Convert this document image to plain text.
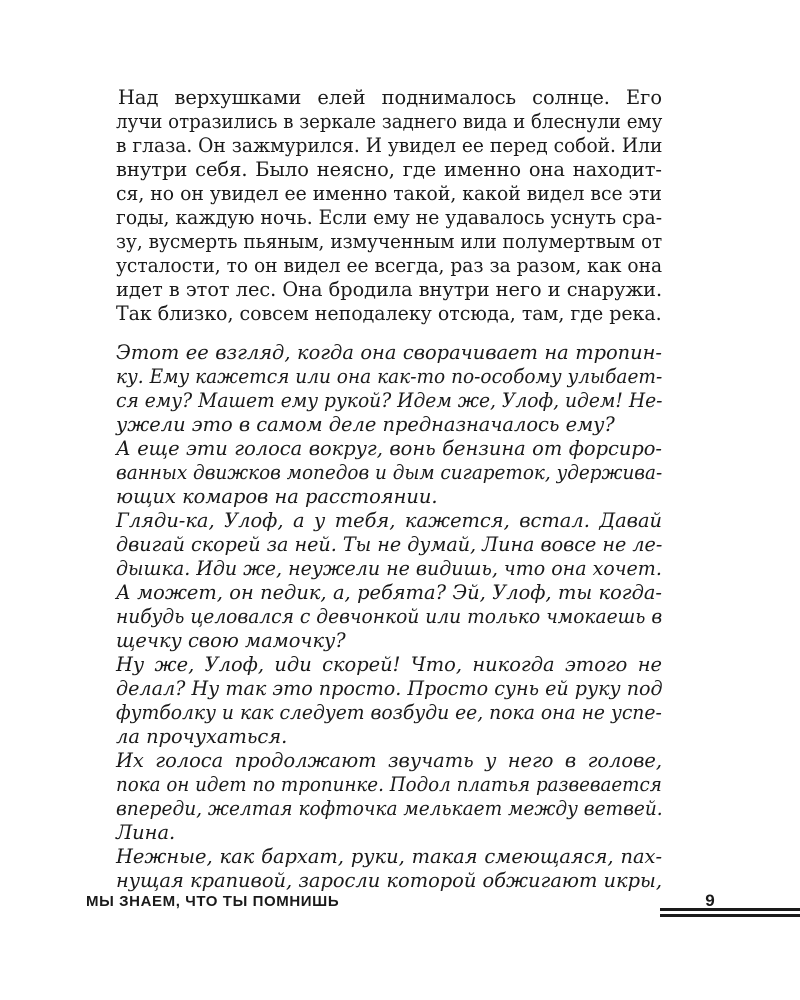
Над верхушками елей поднималось солнце. Его
лучи отразились в зеркале заднего вида и блеснули ему
в глаза. Он зажмурился. И увидел ее перед собой. Или
внутри себя. Было неясно, где именно она находит-
ся, но он увидел ее именно такой, какой видел все эти
годы, каждую ночь. Если ему не удавалось уснуть сра-
зу, вусмерть пьяным, измученным или полумертвым от
усталости, то он видел ее всегда, раз за разом, как она
идет в этот лес. Она бродила внутри него и снаружи.
Так близко, совсем неподалеку отсюда, там, где река.
Этот ее взгляд, когда она сворачивает на тропин-
ку. Ему кажется или она как-то по-особому улыбает-
ся ему? Машет ему рукой? Идем же, Улоф, идем! Не-
ужели это в самом деле предназначалось ему?
А еще эти голоса вокруг, вонь бензина от форсиро-
ванных движков мопедов и дым сигареток, удержива-
ющих комаров на расстоянии.
Гляди-ка, Улоф, а у тебя, кажется, встал. Давай
двигай скорей за ней. Ты не думай, Лина вовсе не ле-
дышка. Иди же, неужели не видишь, что она хочет.
А может, он педик, а, ребята? Эй, Улоф, ты когда-
нибудь целовался с девчонкой или только чмокаешь в
щечку свою мамочку?
Ну же, Улоф, иди скорей! Что, никогда этого не
делал? Ну так это просто. Просто сунь ей руку под
футболку и как следует возбуди ее, пока она не успе-
ла прочухаться.
Их голоса продолжают звучать у него в голове,
пока он идет по тропинке. Подол платья развевается
впереди, желтая кофточка мелькает между ветвей.
Лина.
Нежные, как бархат, руки, такая смеющаяся, пах-
нущая крапивой, заросли которой обжигают икры,
МЫ ЗНАЕМ, ЧТО ТЫ ПОМНИШЬ	9
